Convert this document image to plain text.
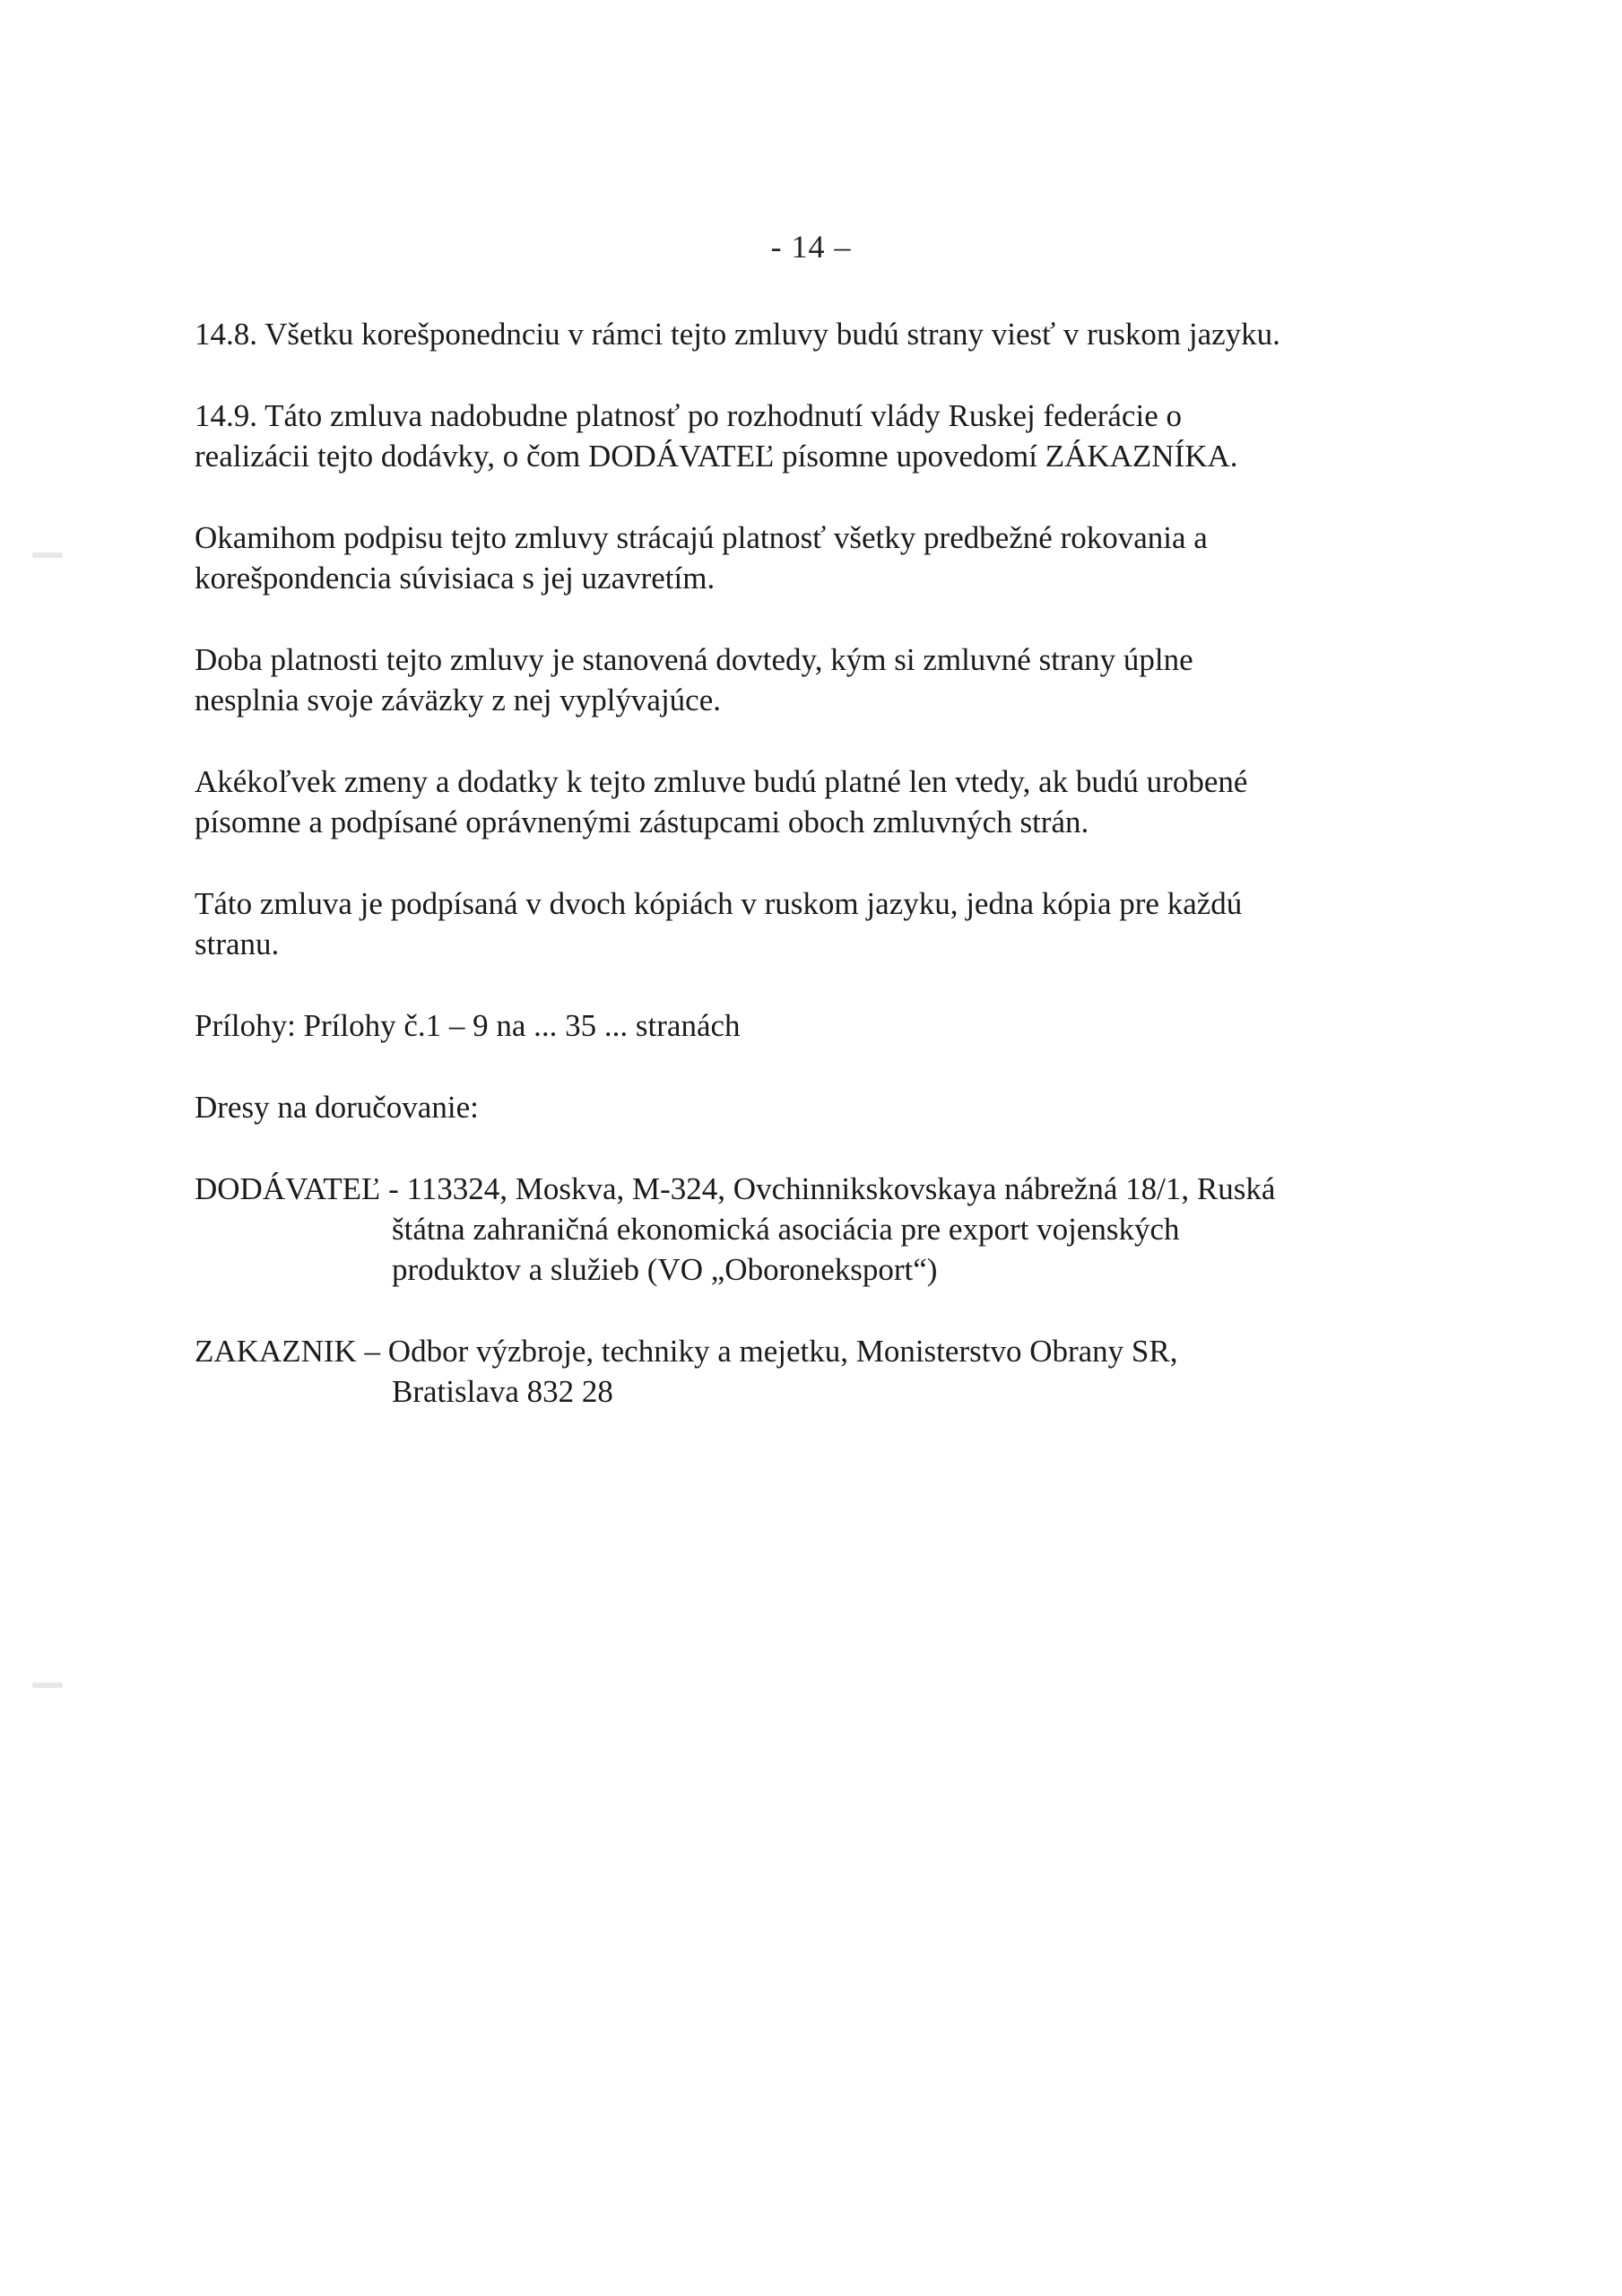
- 14 –
14.8. Všetku korešponednciu v rámci tejto zmluvy budú strany viesť v ruskom jazyku.
14.9. Táto zmluva nadobudne platnosť po rozhodnutí vlády Ruskej federácie o
realizácii tejto dodávky, o čom DODÁVATEĽ písomne upovedomí ZÁKAZNÍKA.
Okamihom podpisu tejto zmluvy strácajú platnosť všetky predbežné rokovania a
korešpondencia súvisiaca s jej uzavretím.
Doba platnosti tejto zmluvy je stanovená dovtedy, kým si zmluvné strany úplne
nesplnia svoje záväzky z nej vyplývajúce.
Akékoľvek zmeny a dodatky k tejto zmluve budú platné len vtedy, ak budú urobené
písomne a podpísané oprávnenými zástupcami oboch zmluvných strán.
Táto zmluva je podpísaná v dvoch kópiách v ruskom jazyku, jedna kópia pre každú
stranu.
Prílohy: Prílohy č.1 – 9 na ... 35 ... stranách
Dresy na doručovanie:
DODÁVATEĽ - 113324, Moskva, M-324, Ovchinnikskovskaya nábrežná 18/1, Ruská
štátna zahraničná ekonomická asociácia pre export vojenských
produktov a služieb (VO „Oboroneksport“)
ZAKAZNIK – Odbor výzbroje, techniky a mejetku, Monisterstvo Obrany SR,
Bratislava 832 28
